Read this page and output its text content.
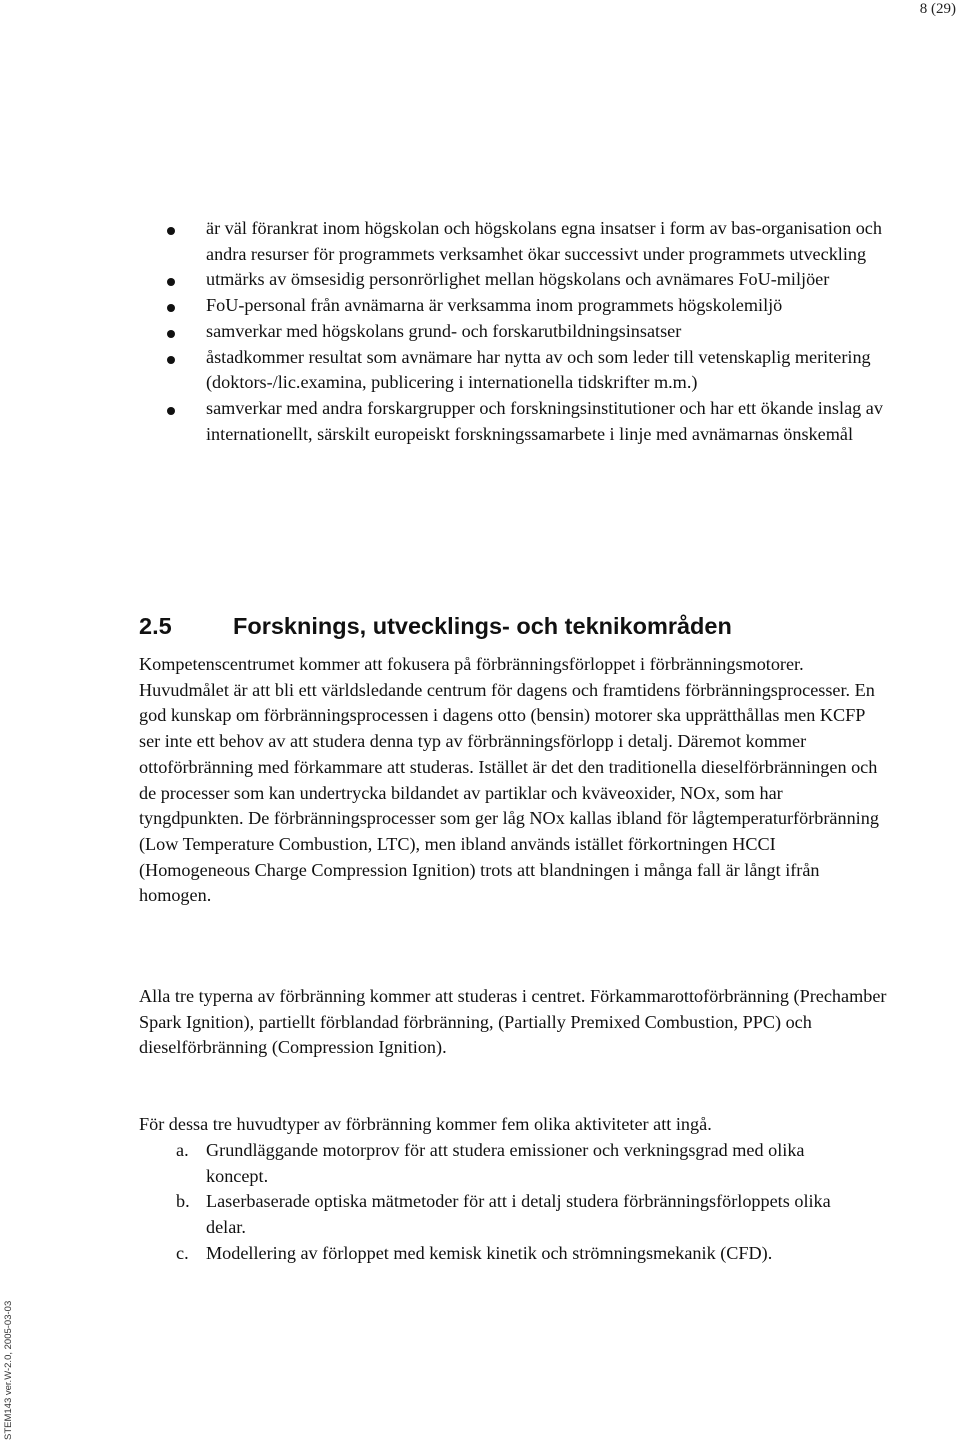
8 (29)
är väl förankrat inom högskolan och högskolans egna insatser i form av bas-organisation och andra resurser för programmets verksamhet ökar successivt under programmets utveckling
utmärks av ömsesidig personrörlighet mellan högskolans och avnämares FoU-miljöer
FoU-personal från avnämarna är verksamma inom programmets högskolemiljö
samverkar med högskolans grund- och forskarutbildningsinsatser
åstadkommer resultat som avnämare har nytta av och som leder till vetenskaplig meritering (doktors-/lic.examina, publicering i internationella tidskrifter m.m.)
samverkar med andra forskargrupper och forskningsinstitutioner och har ett ökande inslag av internationellt, särskilt europeiskt forskningssamarbete i linje med avnämarnas önskemål
2.5	Forsknings, utvecklings- och teknikområden

Kompetenscentrumet kommer att fokusera på förbränningsförloppet i förbränningsmotorer. Huvudmålet är att bli ett världsledande centrum för dagens och framtidens förbränningsprocesser. En god kunskap om förbränningsprocessen i dagens otto (bensin) motorer ska upprätthållas men KCFP ser inte ett behov av att studera denna typ av förbränningsförlopp i detalj. Däremot kommer ottoförbränning med förkammare att studeras. Istället är det den traditionella dieselförbränningen och de processer som kan undertrycka bildandet av partiklar och kväveoxider, NOx, som har tyngdpunkten. De förbränningsprocesser som ger låg NOx kallas ibland för lågtemperaturförbränning (Low Temperature Combustion, LTC), men ibland används istället förkortningen HCCI (Homogeneous Charge Compression Ignition) trots att blandningen i många fall är långt ifrån homogen.

Alla tre typerna av förbränning kommer att studeras i centret. Förkammarottoförbränning (Prechamber Spark Ignition), partiellt förblandad förbränning, (Partially Premixed Combustion, PPC) och dieselförbränning (Compression Ignition).

För dessa tre huvudtyper av förbränning kommer fem olika aktiviteter att ingå.

a. Grundläggande motorprov för att studera emissioner och verkningsgrad med olika koncept.
b. Laserbaserade optiska mätmetoder för att i detalj studera förbränningsförloppets olika delar.
c. Modellering av förloppet med kemisk kinetik och strömningsmekanik (CFD).
STEM143 ver.W-2.0, 2005-03-03
